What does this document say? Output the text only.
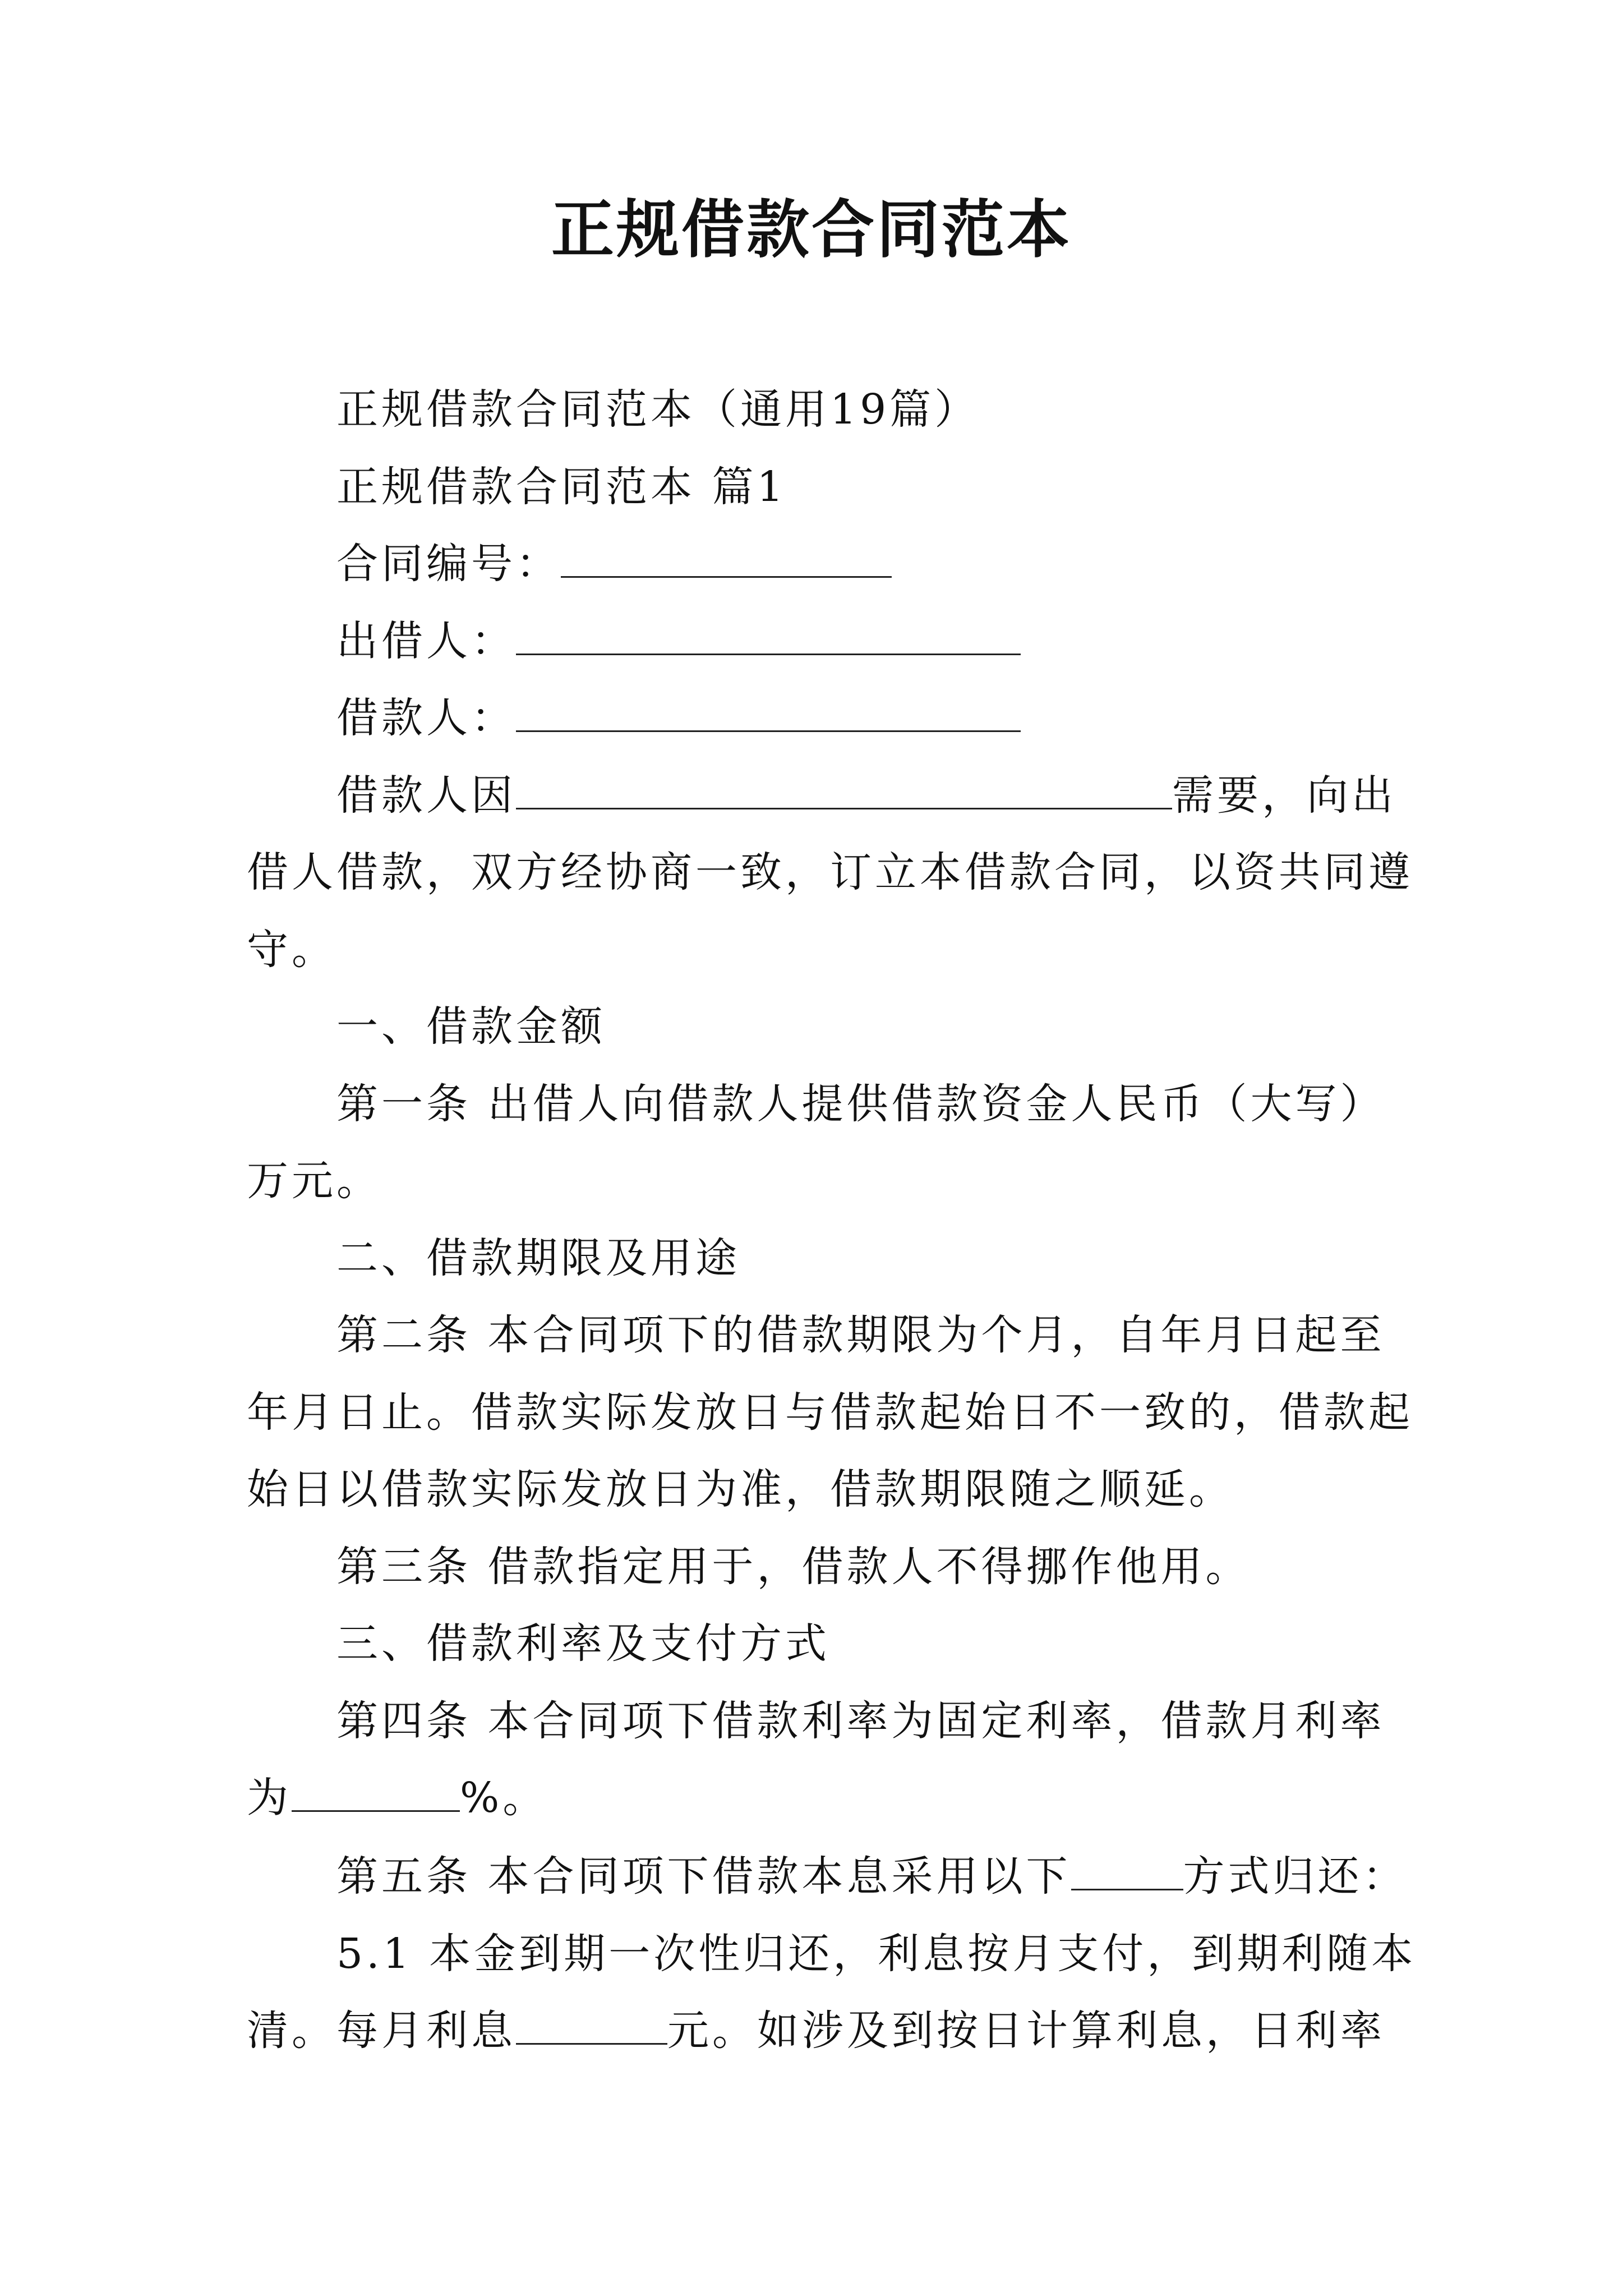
正规借款合同范本
正规借款合同范本（通用19篇）
正规借款合同范本 篇1
合同编号：
出借人：
借款人：
借款人因	需要，向出
借人借款，双方经协商一致，订立本借款合同，以资共同遵
守。
一、借款金额
第一条 出借人向借款人提供借款资金人民币（大写）
万元。
二、借款期限及用途
第二条 本合同项下的借款期限为个月，自年月日起至
年月日止。借款实际发放日与借款起始日不一致的，借款起
始日以借款实际发放日为准，借款期限随之顺延。
第三条 借款指定用于，借款人不得挪作他用。
三、借款利率及支付方式
第四条 本合同项下借款利率为固定利率，借款月利率
为	%。
第五条 本合同项下借款本息采用以下	方式归还：
5.1 本金到期一次性归还，利息按月支付，到期利随本
清。每月利息	元。如涉及到按日计算利息，日利率
